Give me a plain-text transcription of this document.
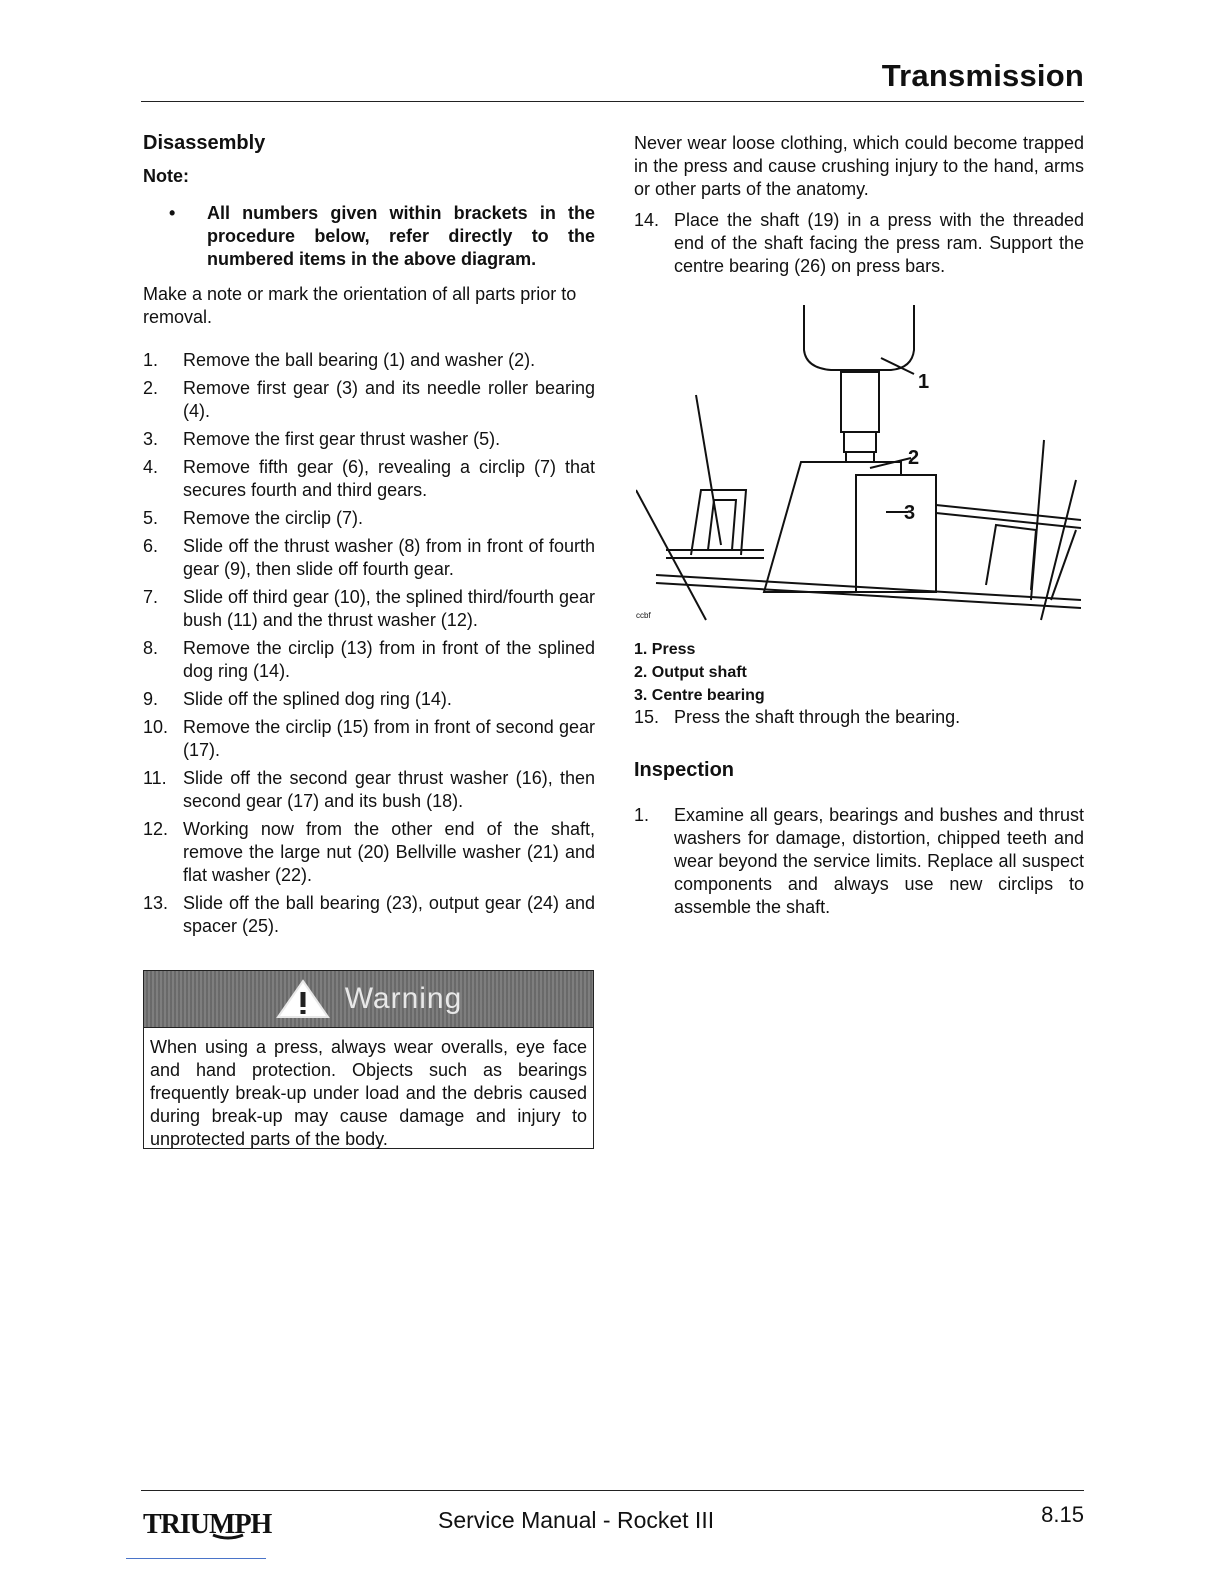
Transmission
Disassembly
Note:
•	All numbers given within brackets in the procedure below, refer directly to the numbered items in the above diagram.

Make a note or mark the orientation of all parts prior to removal.

1.	Remove the ball bearing (1) and washer (2).
2.	Remove first gear (3) and its needle roller bearing (4).
3.	Remove the first gear thrust washer (5).
4.	Remove fifth gear (6), revealing a circlip (7) that secures fourth and third gears.
5.	Remove the circlip (7).
6.	Slide off the thrust washer (8) from in front of fourth gear (9), then slide off fourth gear.
7.	Slide off third gear (10), the splined third/fourth gear bush (11) and the thrust washer (12).
8.	Remove the circlip (13) from in front of the splined dog ring (14).
9.	Slide off the splined dog ring (14).
10. Remove the circlip (15) from in front of second gear (17).
11. Slide off the second gear thrust washer (16), then second gear (17) and its bush (18).
12. Working now from the other end of the shaft, remove the large nut (20) Bellville washer (21) and flat washer (22).
13. Slide off the ball bearing (23), output gear (24) and spacer (25).
Warning
When using a press, always wear overalls, eye face and hand protection. Objects such as bearings frequently break-up under load and the debris caused during break-up may cause damage and injury to unprotected parts of the body.

Never wear loose clothing, which could become trapped in the press and cause crushing injury to the hand, arms or other parts of the anatomy.

14. Place the shaft (19) in a press with the threaded end of the shaft facing the press ram. Support the centre bearing (26) on press bars.
1
2
3
ccbf
1. Press
2. Output shaft
3. Centre bearing
15. Press the shaft through the bearing.
Inspection
1.	Examine all gears, bearings and bushes and thrust washers for damage, distortion, chipped teeth and wear beyond the service limits. Replace all suspect components and always use new circlips to assemble the shaft.
TRIUMPH	Service Manual - Rocket III	8.15
